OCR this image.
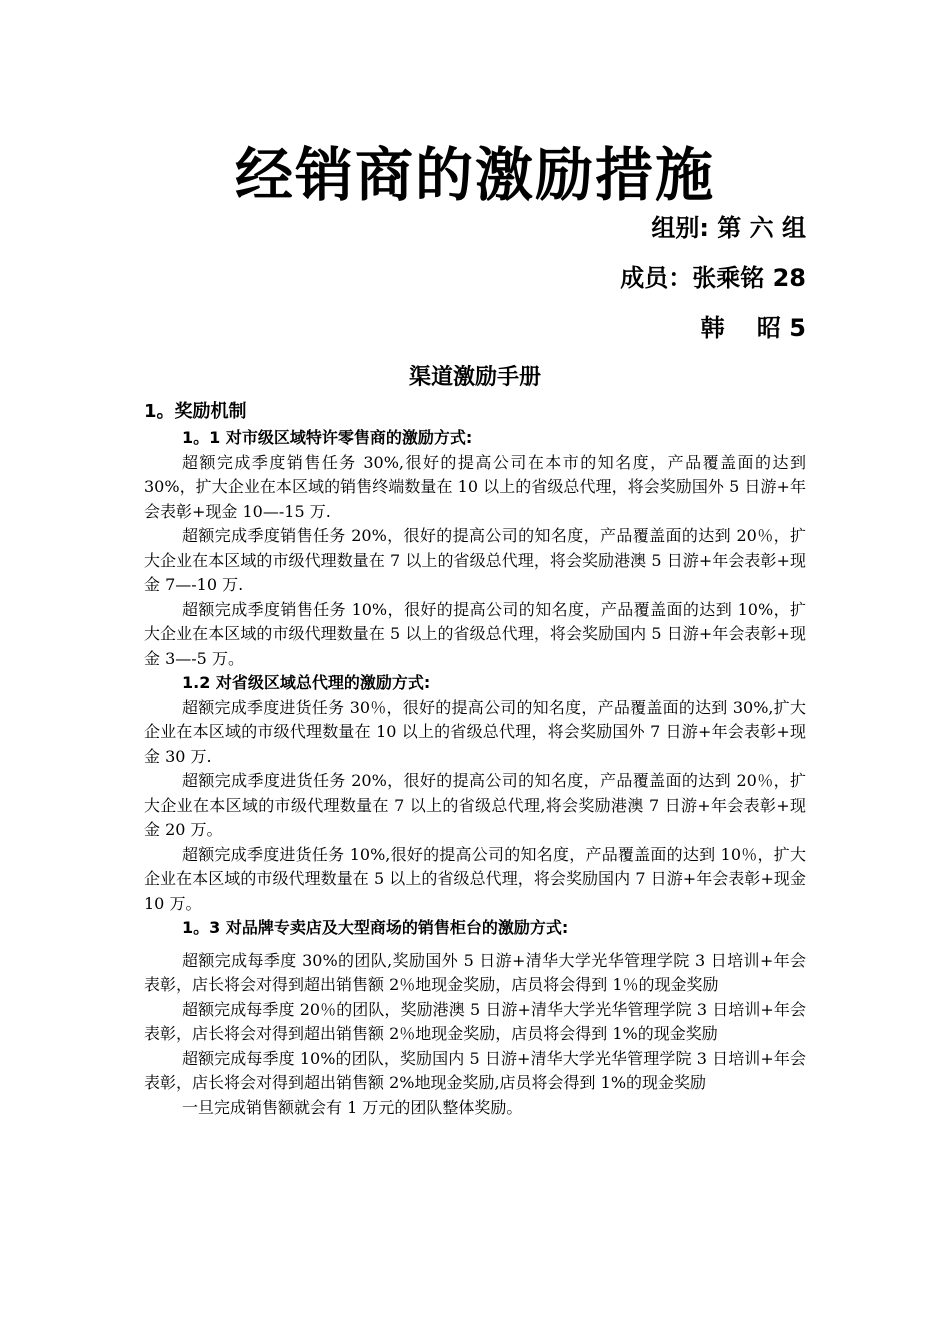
经销商的激励措施
组别: 第 六 组
成员：张乘铭 28
韩　 昭 5
渠道激励手册
1。奖励机制
1。1 对市级区域特许零售商的激励方式:

超额完成季度销售任务 30%,很好的提高公司在本市的知名度，产品覆盖面的达到 30%，扩大企业在本区域的销售终端数量在 10 以上的省级总代理，将会奖励国外 5 日游+年会表彰+现金 10—-15 万.

超额完成季度销售任务 20%，很好的提高公司的知名度，产品覆盖面的达到 20％，扩大企业在本区域的市级代理数量在 7 以上的省级总代理，将会奖励港澳 5 日游+年会表彰+现金 7—-10 万.

超额完成季度销售任务 10%，很好的提高公司的知名度，产品覆盖面的达到 10%，扩大企业在本区域的市级代理数量在 5 以上的省级总代理，将会奖励国内 5 日游+年会表彰+现金 3—-5 万。

1.2 对省级区域总代理的激励方式:

超额完成季度进货任务 30％，很好的提高公司的知名度，产品覆盖面的达到 30%,扩大企业在本区域的市级代理数量在 10 以上的省级总代理，将会奖励国外 7 日游+年会表彰+现金 30 万.

超额完成季度进货任务 20%，很好的提高公司的知名度，产品覆盖面的达到 20％，扩大企业在本区域的市级代理数量在 7 以上的省级总代理,将会奖励港澳 7 日游+年会表彰+现金 20 万。

超额完成季度进货任务 10%,很好的提高公司的知名度，产品覆盖面的达到 10％，扩大企业在本区域的市级代理数量在 5 以上的省级总代理，将会奖励国内 7 日游+年会表彰+现金 10 万。

1。3 对品牌专卖店及大型商场的销售柜台的激励方式:

超额完成每季度 30%的团队,奖励国外 5 日游+清华大学光华管理学院 3 日培训+年会表彰，店长将会对得到超出销售额 2％地现金奖励，店员将会得到 1％的现金奖励

超额完成每季度 20％的团队，奖励港澳 5 日游+清华大学光华管理学院 3 日培训+年会表彰，店长将会对得到超出销售额 2％地现金奖励，店员将会得到 1%的现金奖励

超额完成每季度 10%的团队，奖励国内 5 日游+清华大学光华管理学院 3 日培训+年会表彰，店长将会对得到超出销售额 2%地现金奖励,店员将会得到 1%的现金奖励

一旦完成销售额就会有 1 万元的团队整体奖励。
